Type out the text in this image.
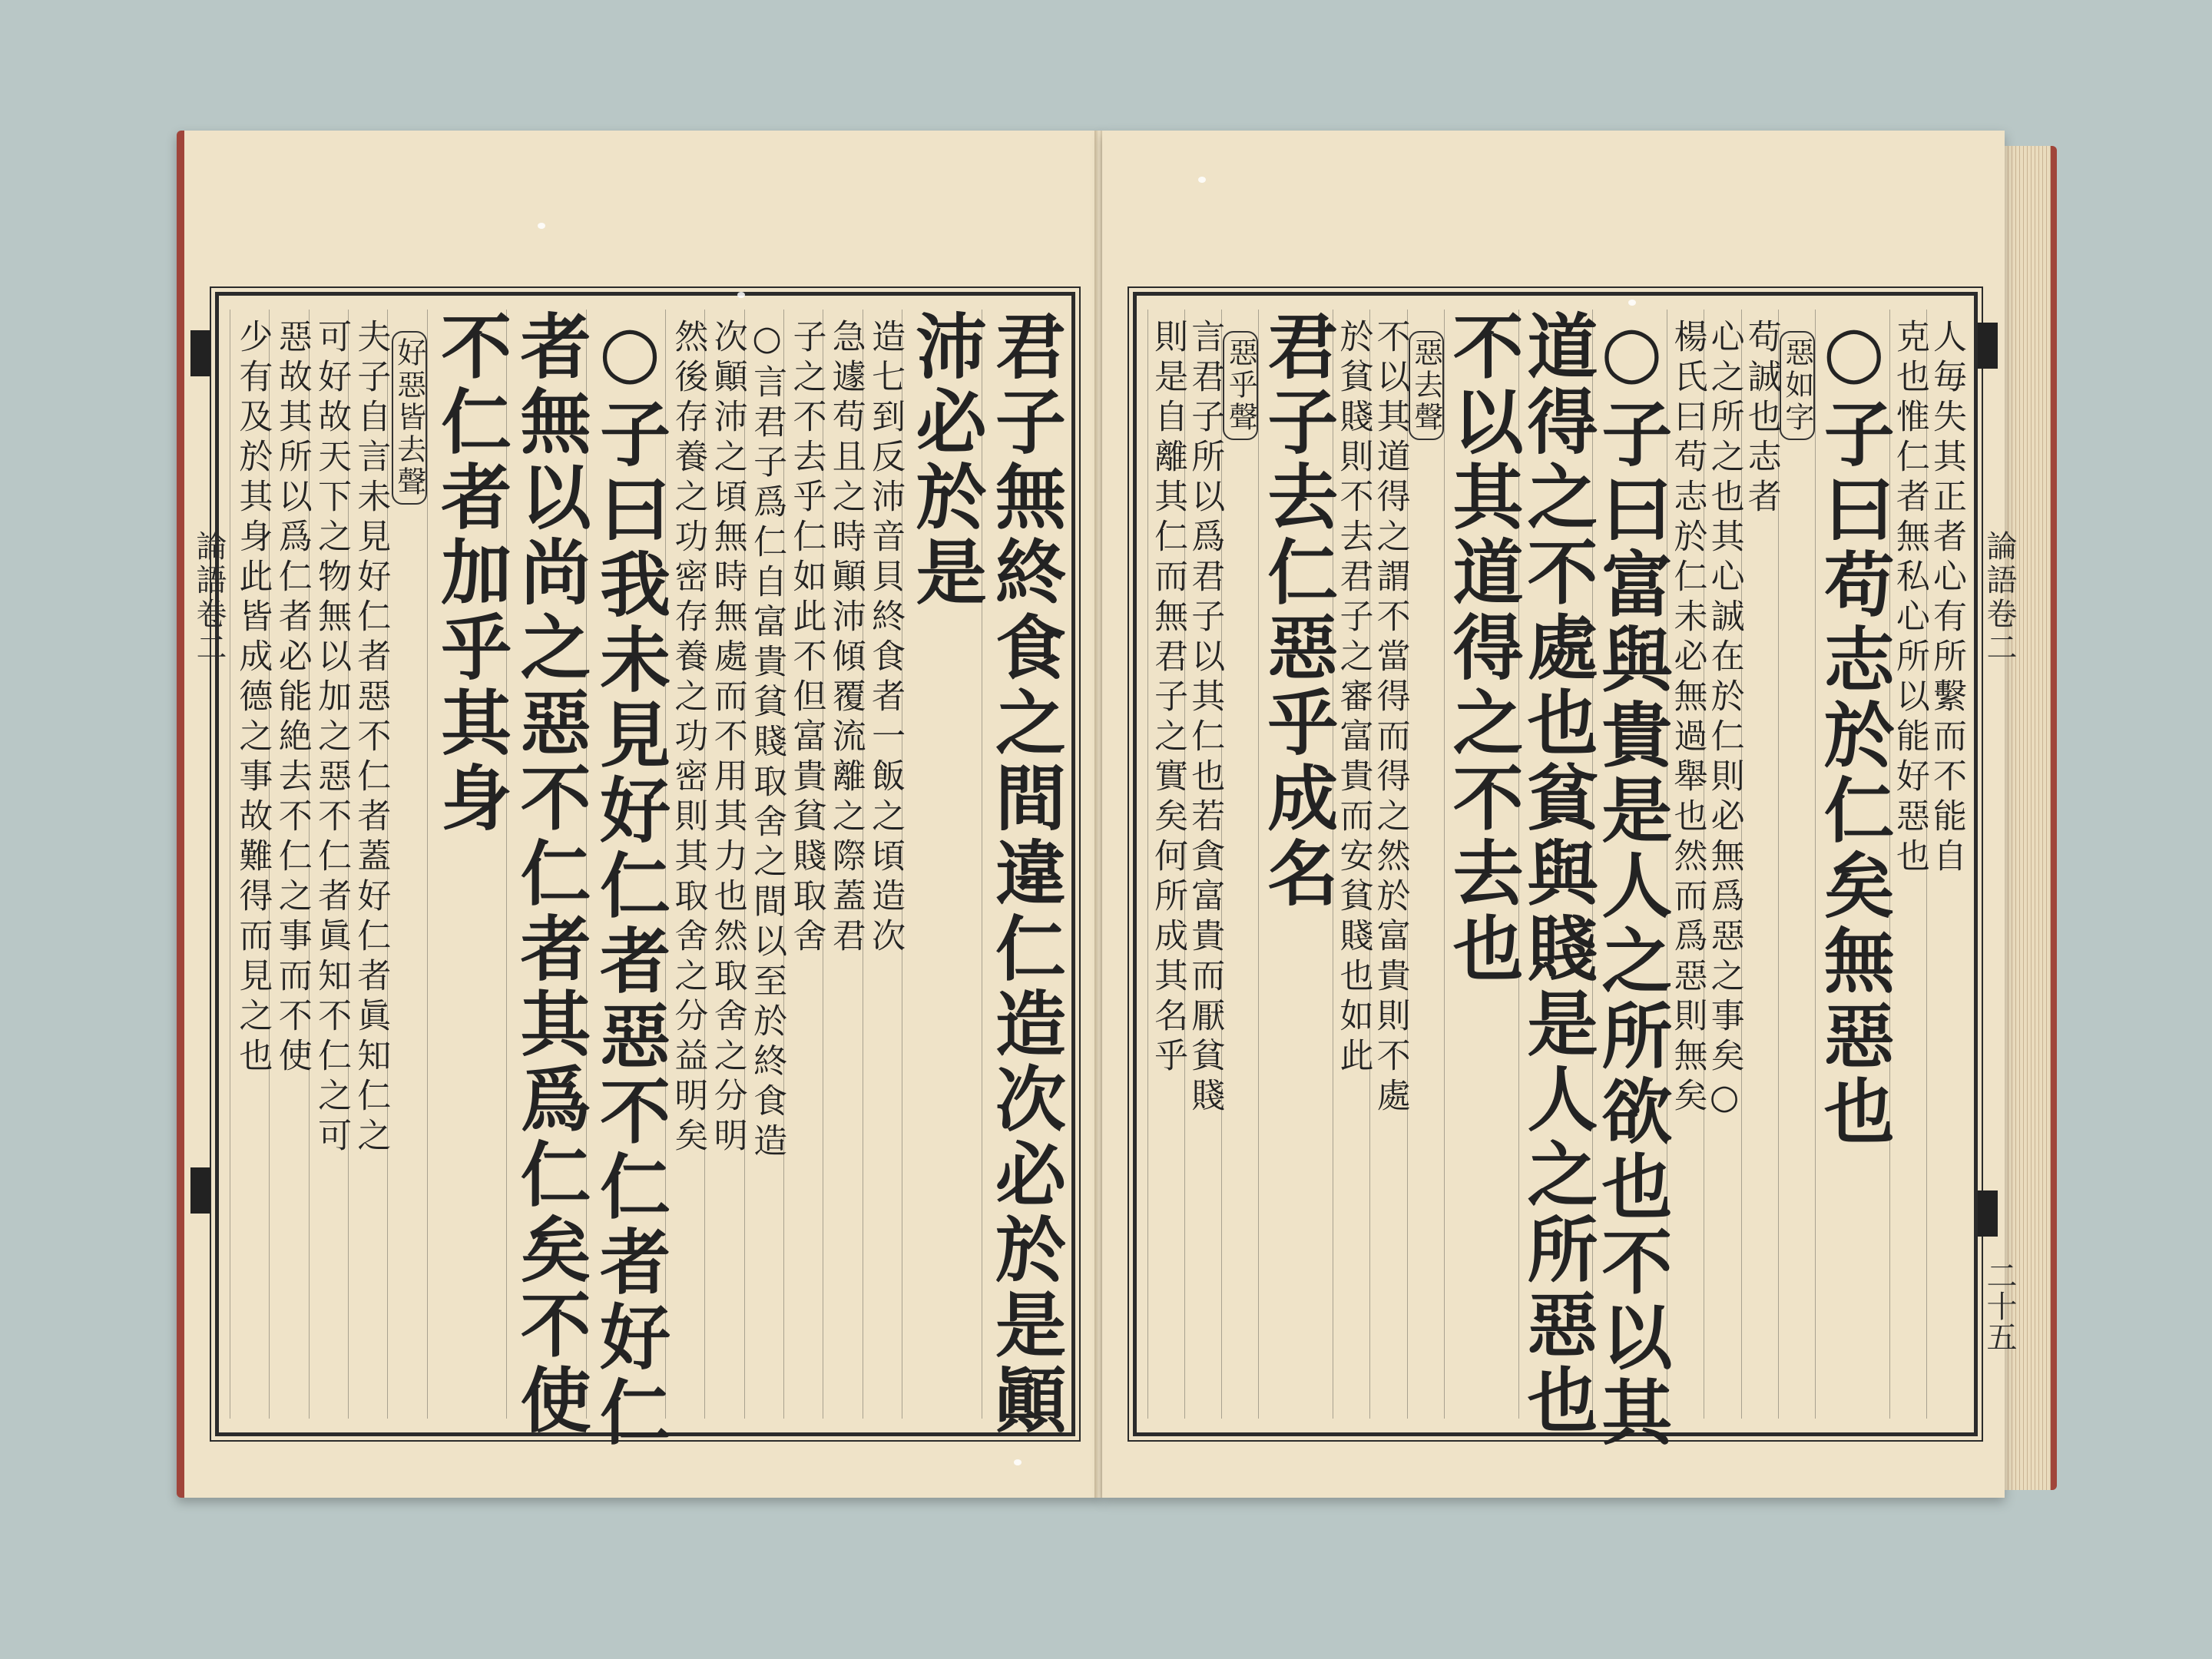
君子無終食之間違仁造次必於是顚
沛必於是
造七到反沛音貝終食者一飯之頃造次
急遽苟且之時顚沛傾覆流離之際蓋君
子之不去乎仁如此不但富貴貧賤取舍
○言君子爲仁自富貴貧賤取舍之間以至於終食造
次顚沛之頃無時無處而不用其力也然取舍之分明
然後存養之功密存養之功密則其取舍之分益明矣
○子曰我未見好仁者惡不仁者好仁
者無以尚之惡不仁者其爲仁矣不使
不仁者加乎其身
好惡皆去聲
夫子自言未見好仁者惡不仁者蓋好仁者眞知仁之
可好故天下之物無以加之惡不仁者眞知不仁之可
惡故其所以爲仁者必能絶去不仁之事而不使
少有及於其身此皆成德之事故難得而見之也
論語卷二	人毎失其正者心有所繫而不能自
克也惟仁者無私心所以能好惡也
○子曰苟志於仁矣無惡也
惡如字
苟誠也志者
心之所之也其心誠在於仁則必無爲惡之事矣○
楊氏曰苟志於仁未必無過舉也然而爲惡則無矣
○子曰富與貴是人之所欲也不以其
道得之不處也貧與賤是人之所惡也
不以其道得之不去也
惡去聲
不以其道得之謂不當得而得之然於富貴則不處
於貧賤則不去君子之審富貴而安貧賤也如此
君子去仁惡乎成名
惡乎聲
言君子所以爲君子以其仁也若貪富貴而厭貧賤
則是自離其仁而無君子之實矣何所成其名乎	論語卷二
二十五
